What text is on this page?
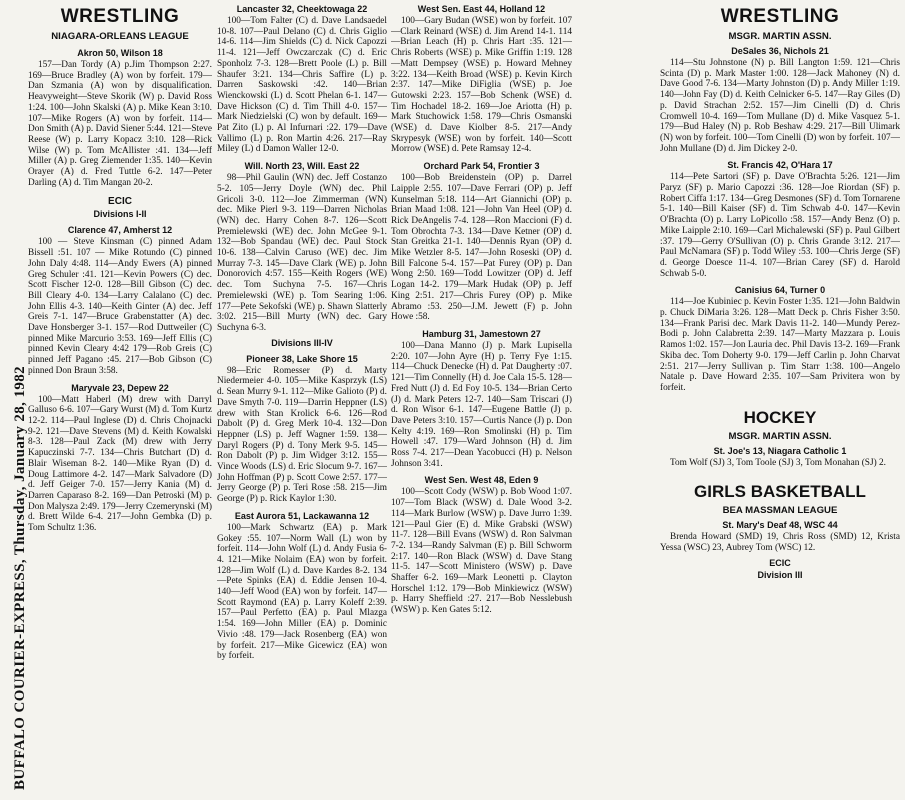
BUFFALO COURIER-EXPRESS, Thursday, January 28, 1982
WRESTLING
NIAGARA-ORLEANS LEAGUE
Akron 50, Wilson 18

157—Dan Tordy (A) p.Jim Thompson 2:27. 169—Bruce Bradley (A) won by forfeit. 179—Dan Szmania (A) won by disqualification. Heavyweight—Steve Skorik (W) p. David Ross 1:24. 100—John Skalski (A) p. Mike Kean 3:10. 107—Mike Rogers (A) won by forfeit. 114—Don Smith (A) p. David Siener 5:44. 121—Steve Reese (W) p. Larry Kopacz 3:10. 128—Rick Wilse (W) p. Tom McAllister :41. 134—Jeff Miller (A) p. Greg Ziemender 1:35. 140—Kevin Orayer (A) d. Fred Tuttle 6-2. 147—Peter Darling (A) d. Tim Mangan 20-2.

ECIC
Divisions I-II
Clarence 47, Amherst 12

100 — Steve Kinsman (C) pinned Adam Bissell :51. 107 — Mike Rotundo (C) pinned John Daly 4:48. 114—Andy Ewers (A) pinned Greg Schuler :41. 121—Kevin Powers (C) dec. Scott Fischer 12-0. 128—Bill Gibson (C) dec. Bill Cleary 4-0. 134—Larry Calalano (C) dec. John Ellis 4-3. 140—Keith Ginter (A) dec. Jeff Greis 7-1. 147—Bruce Grabenstatter (A) dec. Dave Honsberger 3-1. 157—Rod Duttweiler (C) pinned Mike Marcurio 3:53. 169—Jeff Ellis (C) pinned Kevin Cleary 4:42 179—Rob Greis (C) pinned Jeff Pagano :45. 217—Bob Gibson (C) pinned Don Braun 3:58.

Maryvale 23, Depew 22

100—Matt Haberl (M) drew with Darryl Galluso 6-6. 107—Gary Wurst (M) d. Tom Kurtz 12-2. 114—Paul Inglese (D) d. Chris Chojnacki 9-2. 121—Dave Stevens (M) d. Keith Kowalski 8-3. 128—Paul Zack (M) drew with Jerry Kapuczinski 7-7. 134—Chris Butchart (D) d. Blair Wiseman 8-2. 140—Mike Ryan (D) d. Doug Lattimore 4-2. 147—Mark Salvadore (D) d. Jeff Geiger 7-0. 157—Jerry Kania (M) d. Darren Caparaso 8-2. 169—Dan Petroski (M) p. Don Malysza 2:49. 179—Jerry Czemerynski (M) d. Brett Wilde 6-4. 217—John Gembka (D) p. Tom Schultz 1:36.

Lancaster 32, Cheektowaga 22

100—Tom Falter (C) d. Dave Landsaedel 10-8. 107—Paul Delano (C) d. Chris Giglio 14-6. 114—Jim Shields (C) d. Nick Capozzi 11-4. 121—Jeff Owczarczak (C) d. Eric Sponholz 7-3. 128—Brett Poole (L) p. Bill Shaufer 3:21. 134—Chris Saffire (L) p. Darren Saskowski :42. 140—Brian Wienckowski (L) d. Scott Phelan 6-1. 147—Dave Hickson (C) d. Tim Thill 4-0. 157—Mark Niedzielski (C) won by default. 169—Pat Zito (L) p. Al Infurnari :22. 179—Dave Vallimo (L) p. Ron Martin 4:26. 217—Ray Miley (L) d Damon Waller 12-0.

Will. North 23, Will. East 22

98—Phil Gaulin (WN) dec. Jeff Costanzo 5-2. 105—Jerry Doyle (WN) dec. Phil Gricoli 3-0. 112—Joe Zimmerman (WN) dec. Mike Pierl 9-3. 119—Darren Nicholas (WN) dec. Harry Cohen 8-7. 126—Scott Premielewski (WE) dec. John McGee 9-1. 132—Bob Spandau (WE) dec. Paul Stock 10-6. 138—Calvin Caruso (WE) dec. Jim Murray 7-3. 145—Dave Clark (WE) p. John Donorovich 4:57. 155—Keith Rogers (WE) dec. Tom Suchyna 7-5. 167—Chris Premielewski (WE) p. Tom Searing 1:06. 177—Pete Sekofski (WE) p. Shawn Slatterly 3:02. 215—Bill Murty (WN) dec. Gary Suchyna 6-3.

Divisions III-IV
Pioneer 38, Lake Shore 15

98—Eric Romesser (P) d. Marty Niedermeier 4-0. 105—Mike Kasprzyk (LS) d. Sean Murry 9-1. 112—Mike Galioto (P) d. Dave Smyth 7-0. 119—Darrin Heppner (LS) drew with Stan Krolick 6-6. 126—Rod Dabolt (P) d. Greg Merk 10-4. 132—Don Heppner (LS) p. Jeff Wagner 1:59. 138—Daryl Rogers (P) d. Tony Merk 9-5. 145—Ron Dabolt (P) p. Jim Widger 3:12. 155—Vince Woods (LS) d. Eric Slocum 9-7. 167—John Hoffman (P) p. Scott Cowe 2:57. 177—Jerry George (P) p. Teri Rose :58. 215—Jim George (P) p. Rick Kaylor 1:30.

East Aurora 51, Lackawanna 12

100—Mark Schwartz (EA) p. Mark Gokey :55. 107—Norm Wall (L) won by forfeit. 114—John Wolf (L) d. Andy Fusia 6-4. 121—Mike Nolaim (EA) won by forfeit. 128—Jim Wolf (L) d. Dave Kardes 8-2. 134—Pete Spinks (EA) d. Eddie Jensen 10-4. 140—Jeff Wood (EA) won by forfeit. 147—Scott Raymond (EA) p. Larry Koleff 2:39. 157—Paul Perfetto (EA) p. Paul Mlazga 1:54. 169—John Miller (EA) p. Dominic Vivio :48. 179—Jack Rosenberg (EA) won by forfeit. 217—Mike Gicewicz (EA) won by forfeit.

West Sen. East 44, Holland 12

100—Gary Budan (WSE) won by forfeit. 107—Clark Reinard (WSE) d. Jim Arend 14-1. 114—Brian Leach (H) p. Chris Hart :35. 121—Chris Roberts (WSE) p. Mike Griffin 1:19. 128—Matt Dempsey (WSE) p. Howard Mehney 3:22. 134—Keith Broad (WSE) p. Kevin Kirch 2:37. 147—Mike DiFiglia (WSE) p. Joe Gutowski 2:23. 157—Bob Schenk (WSE) d. Tim Hochadel 18-2. 169—Joe Ariotta (H) p. Mark Stuchowick 1:58. 179—Chris Osmanski (WSE) d. Dave Kiolber 8-5. 217—Andy Skrypesyk (WSE) won by forfeit. 140—Scott Morrow (WSE) d. Pete Ramsay 12-4.

Orchard Park 54, Frontier 3

100—Bob Breidenstein (OP) p. Darrel Laipple 2:55. 107—Dave Ferrari (OP) p. Jeff Kunselman 5:18. 114—Art Giannichi (OP) p. Brian Maad 1:08. 121—John Van Heel (OP) d. Rick DeAngelis 7-4. 128—Ron Maccioni (F) d. Tom Obrochta 7-3. 134—Dave Ketner (OP) d. Stan Greitka 21-1. 140—Dennis Ryan (OP) d. Mike Wetzler 8-5. 147—John Roseski (OP) d. Bill Falcone 5-4. 157—Pat Furey (OP) p. Dan Wong 2:50. 169—Todd Lowitzer (OP) d. Jeff Logan 14-2. 179—Mark Hudak (OP) p. Jeff King 2:51. 217—Chris Furey (OP) p. Mike Abramo :53. 250—J.M. Jewett (F) p. John Howe :58.

Hamburg 31, Jamestown 27

100—Dana Manno (J) p. Mark Lupisella 2:20. 107—John Ayre (H) p. Terry Fye 1:15. 114—Chuck Denecke (H) d. Pat Daugherty :07. 121—Tim Connelly (H) d. Joe Cala 15-5. 128—Fred Nutt (J) d. Ed Foy 10-5. 134—Brian Certo (J) d. Mark Peters 12-7. 140—Sam Triscari (J) d. Ron Wisor 6-1. 147—Eugene Battle (J) p. Dave Peters 3:10. 157—Curtis Nance (J) p. Don Kelty 4:19. 169—Ron Smolinski (H) p. Tim Howell :47. 179—Ward Johnson (H) d. Jim Ross 7-4. 217—Dean Yacobucci (H) p. Nelson Johnson 3:41.

West Sen. West 48, Eden 9

100—Scott Cody (WSW) p. Bob Wood 1:07. 107—Tom Black (WSW) d. Dale Wood 3-2. 114—Mark Burlow (WSW) p. Dave Jurro 1:39. 121—Paul Gier (E) d. Mike Grabski (WSW) 11-7. 128—Bill Evans (WSW) d. Ron Salvman 7-2. 134—Randy Salvman (E) p. Bill Schworm 2:17. 140—Ron Black (WSW) d. Dave Stang 11-5. 147—Scott Ministero (WSW) p. Dave Shaffer 6-2. 169—Mark Leonetti p. Clayton Horschel 1:12. 179—Bob Minkiewicz (WSW) p. Harry Sheffield :27. 217—Bob Nesslebush (WSW) p. Ken Gates 5:12.

WRESTLING
MSGR. MARTIN ASSN.
DeSales 36, Nichols 21

114—Stu Johnstone (N) p. Bill Langton 1:59. 121—Chris Scinta (D) p. Mark Master 1:00. 128—Jack Mahoney (N) d. Dave Good 7-6. 134—Marty Johnston (D) p. Andy Miller 1:19. 140—John Fay (D) d. Keith Celnicker 6-5. 147—Ray Giles (D) p. David Strachan 2:52. 157—Jim Cinelli (D) d. Chris Cromwell 10-4. 169—Tom Mullane (D) d. Mike Vasquez 5-1. 179—Bud Haley (N) p. Rob Beshaw 4:29. 217—Bill Ulimark (N) won by forfeit. 100—Tom Cinelli (D) won by forfeit. 107—John Mullane (D) d. Jim Dickey 2-0.

St. Francis 42, O'Hara 17

114—Pete Sartori (SF) p. Dave O'Brachta 5:26. 121—Jim Paryz (SF) p. Mario Capozzi :36. 128—Joe Riordan (SF) p. Robert Ciffa 1:17. 134—Greg Desmones (SF) d. Tom Tornarene 5-1. 140—Bill Kaiser (SF) d. Tim Schwab 4-0. 147—Kevin O'Brachta (O) p. Larry LoPicollo :58. 157—Andy Benz (O) p. Mike Laipple 2:10. 169—Carl Michalewski (SF) p. Paul Gilbert :37. 179—Gerry O'Sullivan (O) p. Chris Grande 3:12. 217—Paul McNamara (SF) p. Todd Wiley :53. 100—Chris Jerge (SF) d. George Doesce 11-4. 107—Brian Carey (SF) d. Harold Schwab 5-0.

Canisius 64, Turner 0

114—Joe Kubiniec p. Kevin Foster 1:35. 121—John Baldwin p. Chuck DiMaria 3:26. 128—Matt Deck p. Chris Fisher 3:50. 134—Frank Parisi dec. Mark Davis 11-2. 140—Mundy Perez-Bodi p. John Calabretta 2:39. 147—Marty Mazzara p. Louis Ramos 1:02. 157—Jon Lauria dec. Phil Davis 13-2. 169—Frank Skiba dec. Tom Doherty 9-0. 179—Jeff Carlin p. John Charvat 2:51. 217—Jerry Sullivan p. Tim Starr 1:38. 100—Angelo Natale p. Dave Howard 2:35. 107—Sam Privitera won by forfeit.

HOCKEY
MSGR. MARTIN ASSN.
St. Joe's 13, Niagara Catholic 1

Tom Wolf (SJ) 3, Tom Toole (SJ) 3, Tom Monahan (SJ) 2.

GIRLS BASKETBALL
BEA MASSMAN LEAGUE
St. Mary's Deaf 48, WSC 44

Brenda Howard (SMD) 19, Chris Ross (SMD) 12, Krista Yessa (WSC) 23, Aubrey Tom (WSC) 12.

ECIC
Division III
